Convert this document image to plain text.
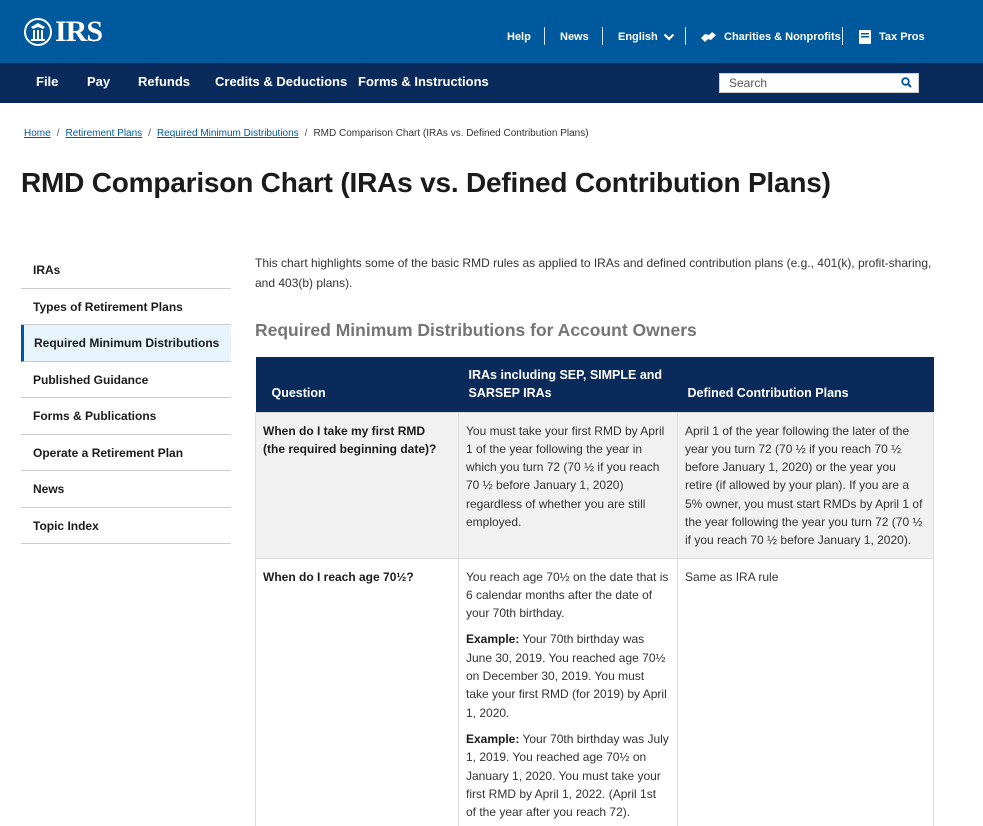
IRS	Help	News	English	Charities & Nonprofits	Tax Pros
File Pay Refunds Credits & Deductions Forms & Instructions
Search
Home / Retirement Plans / Required Minimum Distributions / RMD Comparison Chart (IRAs vs. Defined Contribution Plans)
RMD Comparison Chart (IRAs vs. Defined Contribution Plans)
IRAs
Types of Retirement Plans
Required Minimum Distributions
Published Guidance
Forms & Publications
Operate a Retirement Plan
News
Topic Index

This chart highlights some of the basic RMD rules as applied to IRAs and defined contribution plans (e.g., 401(k), profit-sharing, and 403(b) plans).

Required Minimum Distributions for Account Owners
Question	IRAs including SEP, SIMPLE and SARSEP IRAs	Defined Contribution Plans
When do I take my first RMD (the required beginning date)?	You must take your first RMD by April 1 of the year following the year in which you turn 72 (70 ½ if you reach 70 ½ before January 1, 2020) regardless of whether you are still employed.	April 1 of the year following the later of the year you turn 72 (70 ½ if you reach 70 ½ before January 1, 2020) or the year you retire (if allowed by your plan). If you are a 5% owner, you must start RMDs by April 1 of the year following the year you turn 72 (70 ½ if you reach 70 ½ before January 1, 2020).
When do I reach age 70½?	You reach age 70½ on the date that is 6 calendar months after the date of your 70th birthday.

Example: Your 70th birthday was June 30, 2019. You reached age 70½ on December 30, 2019. You must take your first RMD (for 2019) by April 1, 2020.

Example: Your 70th birthday was July 1, 2019. You reached age 70½ on January 1, 2020. You must take your first RMD by April 1, 2022. (April 1st of the year after you reach 72).	Same as IRA rule
